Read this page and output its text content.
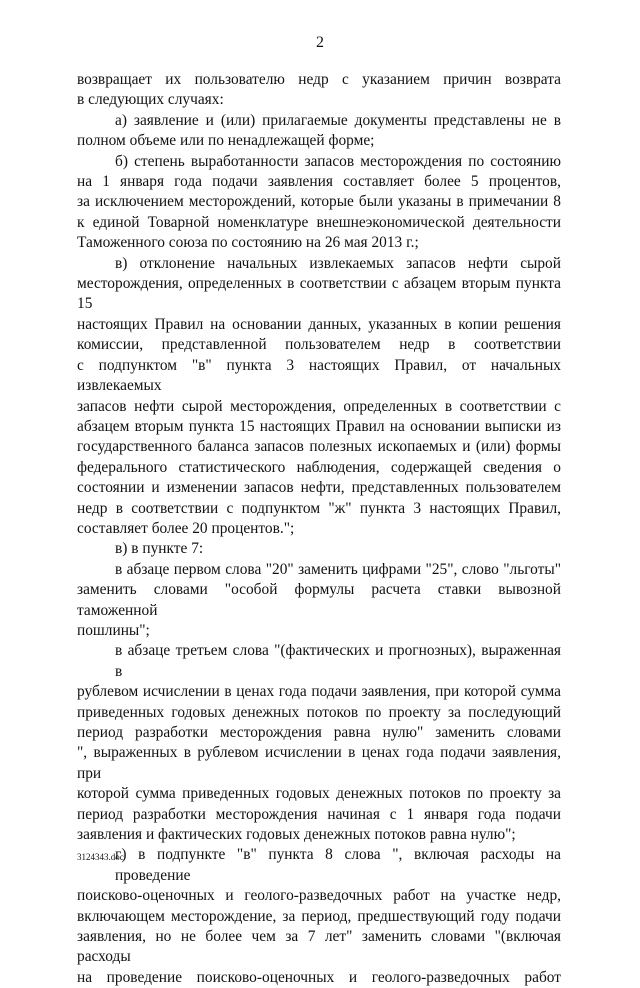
2
возвращает их пользователю недр с указанием причин возврата
в следующих случаях:
а) заявление и (или) прилагаемые документы представлены не в
полном объеме или по ненадлежащей форме;
б) степень выработанности запасов месторождения по состоянию
на 1 января года подачи заявления составляет более 5 процентов,
за исключением месторождений, которые были указаны в примечании 8
к единой Товарной номенклатуре внешнеэкономической деятельности
Таможенного союза по состоянию на 26 мая 2013 г.;
в) отклонение начальных извлекаемых запасов нефти сырой
месторождения, определенных в соответствии с абзацем вторым пункта 15
настоящих Правил на основании данных, указанных в копии решения
комиссии, представленной пользователем недр в соответствии
с подпунктом "в" пункта 3 настоящих Правил, от начальных извлекаемых
запасов нефти сырой месторождения, определенных в соответствии с
абзацем вторым пункта 15 настоящих Правил на основании выписки из
государственного баланса запасов полезных ископаемых и (или) формы
федерального статистического наблюдения, содержащей сведения о
состоянии и изменении запасов нефти, представленных пользователем
недр в соответствии с подпунктом "ж" пункта 3 настоящих Правил,
составляет более 20 процентов.";
в) в пункте 7:
в абзаце первом слова "20" заменить цифрами "25", слово "льготы"
заменить словами "особой формулы расчета ставки вывозной таможенной
пошлины";
в абзаце третьем слова "(фактических и прогнозных), выраженная в
рублевом исчислении в ценах года подачи заявления, при которой сумма
приведенных годовых денежных потоков по проекту за последующий
период разработки месторождения равна нулю" заменить словами
", выраженных в рублевом исчислении в ценах года подачи заявления, при
которой сумма приведенных годовых денежных потоков по проекту за
период разработки месторождения начиная с 1 января года подачи
заявления и фактических годовых денежных потоков равна нулю";
г) в подпункте "в" пункта 8 слова ", включая расходы на проведение
поисково-оценочных и геолого-разведочных работ на участке недр,
включающем месторождение, за период, предшествующий году подачи
заявления, но не более чем за 7 лет" заменить словами "(включая расходы
на проведение поисково-оценочных и геолого-разведочных работ
3124343.doc
